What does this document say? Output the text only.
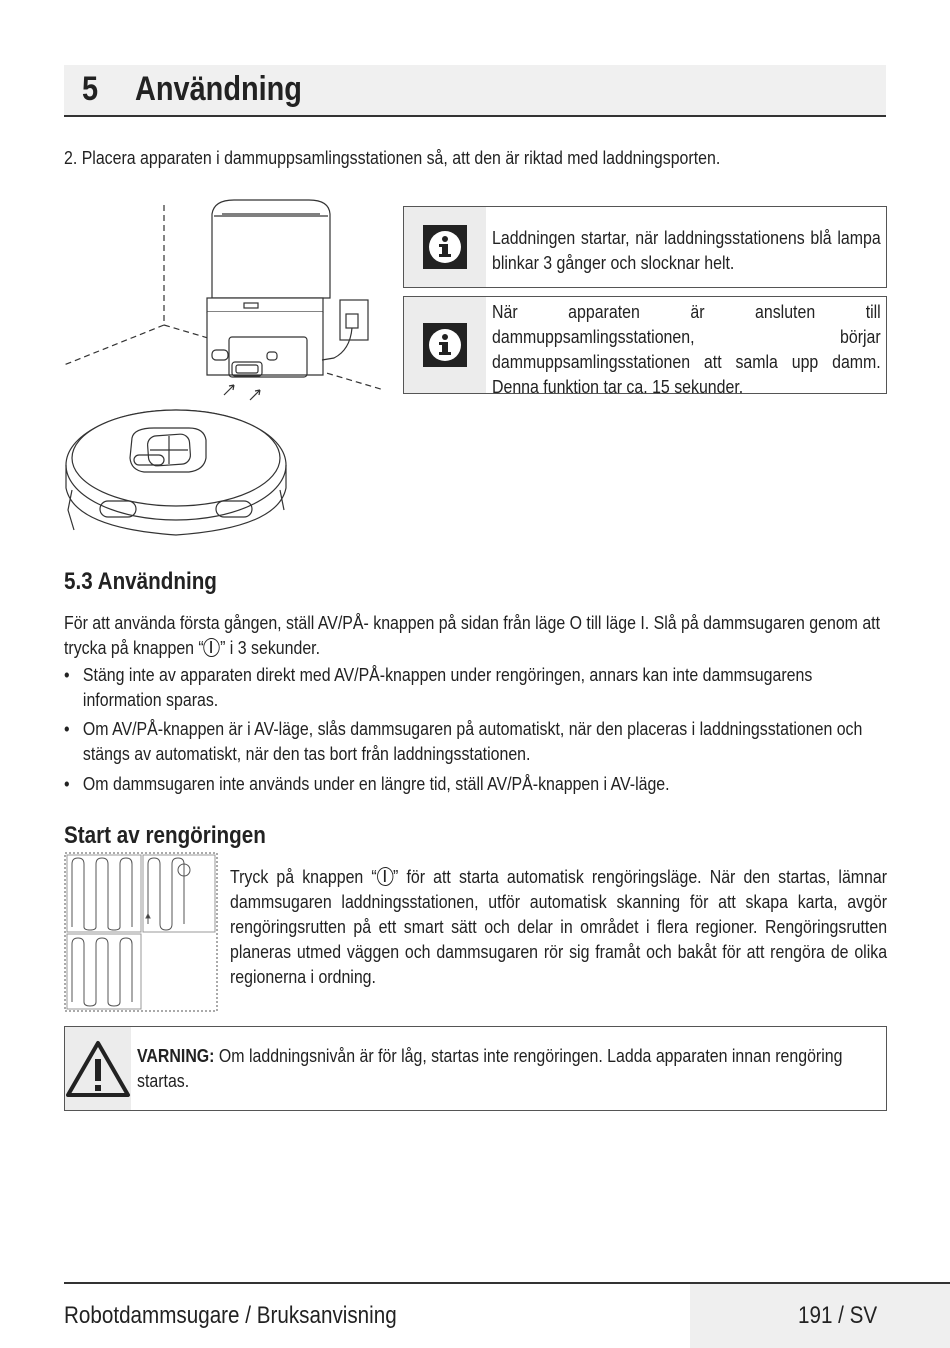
5 Användning
2. Placera apparaten i dammuppsamlingsstationen så, att den är riktad med laddningsporten.
Laddningen startar, när laddningsstationens blå lampa blinkar 3 gånger och slocknar helt.
När apparaten är ansluten till dammuppsamlingsstationen, börjar dammuppsamlingsstationen att samla upp damm. Denna funktion tar ca. 15 sekunder.
5.3 Användning
För att använda första gången, ställ AV/PÅ- knappen på sidan från läge O till läge I. Slå på dammsugaren genom att trycka på knappen “ ” i 3 sekunder.
• Stäng inte av apparaten direkt med AV/PÅ-knappen under rengöringen, annars kan inte dammsugarens information sparas.
• Om AV/PÅ-knappen är i AV-läge, slås dammsugaren på automatiskt, när den placeras i laddningsstationen och stängs av automatiskt, när den tas bort från laddningsstationen.
• Om dammsugaren inte används under en längre tid, ställ AV/PÅ-knappen i AV-läge.
Start av rengöringen
Tryck på knappen “ ” för att starta automatisk rengöringsläge. När den startas, lämnar dammsugaren laddningsstationen, utför automatisk skanning för att skapa karta, avgör rengöringsrutten på ett smart sätt och delar in området i flera regioner. Rengöringsrutten planeras utmed väggen och dammsugaren rör sig framåt och bakåt för att rengöra de olika regionerna i ordning.
VARNING: Om laddningsnivån är för låg, startas inte rengöringen. Ladda apparaten innan rengöring startas.
Robotdammsugare / Bruksanvisning	191 / SV
